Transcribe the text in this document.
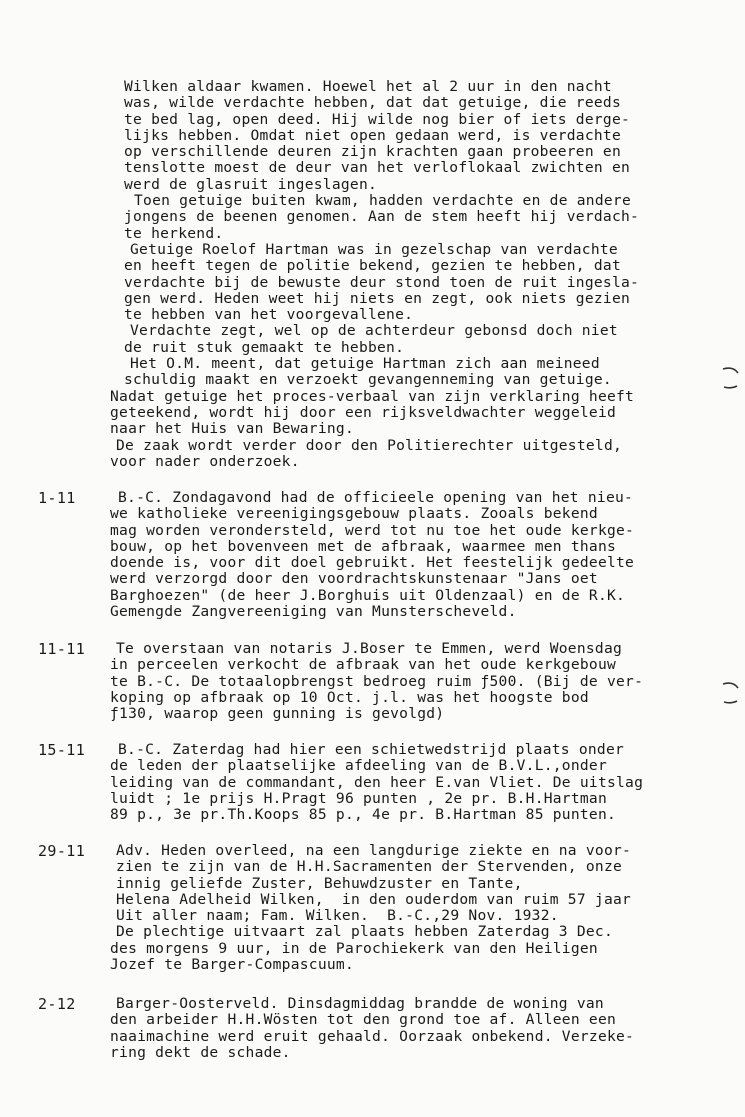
Wilken aldaar kwamen. Hoewel het al 2 uur in den nacht
was, wilde verdachte hebben, dat dat getuige, die reeds
te bed lag, open deed. Hij wilde nog bier of iets derge-
lijks hebben. Omdat niet open gedaan werd, is verdachte
op verschillende deuren zijn krachten gaan probeeren en
tenslotte moest de deur van het verloflokaal zwichten en
werd de glasruit ingeslagen.
Toen getuige buiten kwam, hadden verdachte en de andere
jongens de beenen genomen. Aan de stem heeft hij verdach-
te herkend.
Getuige Roelof Hartman was in gezelschap van verdachte
en heeft tegen de politie bekend, gezien te hebben, dat
verdachte bij de bewuste deur stond toen de ruit ingesla-
gen werd. Heden weet hij niets en zegt, ook niets gezien
te hebben van het voorgevallene.
Verdachte zegt, wel op de achterdeur gebonsd doch niet
de ruit stuk gemaakt te hebben.
Het O.M. meent, dat getuige Hartman zich aan meineed
schuldig maakt en verzoekt gevangenneming van getuige.
Nadat getuige het proces-verbaal van zijn verklaring heeft
geteekend, wordt hij door een rijksveldwachter weggeleid
naar het Huis van Bewaring.
De zaak wordt verder door den Politierechter uitgesteld,
voor nader onderzoek.
1-11	B.-C. Zondagavond had de officieele opening van het nieu-
we katholieke vereenigingsgebouw plaats. Zooals bekend
mag worden verondersteld, werd tot nu toe het oude kerkge-
bouw, op het bovenveen met de afbraak, waarmee men thans
doende is, voor dit doel gebruikt. Het feestelijk gedeelte
werd verzorgd door den voordrachtskunstenaar "Jans oet
Barghoezen" (de heer J.Borghuis uit Oldenzaal) en de R.K.
Gemengde Zangvereeniging van Munsterscheveld.
11-11	Te overstaan van notaris J.Boser te Emmen, werd Woensdag
in perceelen verkocht de afbraak van het oude kerkgebouw
te B.-C. De totaalopbrengst bedroeg ruim ƒ500. (Bij de ver-
koping op afbraak op 10 Oct. j.l. was het hoogste bod
ƒ130, waarop geen gunning is gevolgd)
15-11	B.-C. Zaterdag had hier een schietwedstrijd plaats onder
de leden der plaatselijke afdeeling van de B.V.L.,onder
leiding van de commandant, den heer E.van Vliet. De uitslag
luidt ; 1e prijs H.Pragt 96 punten , 2e pr. B.H.Hartman
89 p., 3e pr.Th.Koops 85 p., 4e pr. B.Hartman 85 punten.
29-11	Adv. Heden overleed, na een langdurige ziekte en na voor-
zien te zijn van de H.H.Sacramenten der Stervenden, onze
innig geliefde Zuster, Behuwdzuster en Tante,
Helena Adelheid Wilken,  in den ouderdom van ruim 57 jaar
Uit aller naam; Fam. Wilken.  B.-C.,29 Nov. 1932.
De plechtige uitvaart zal plaats hebben Zaterdag 3 Dec.
des morgens 9 uur, in de Parochiekerk van den Heiligen
Jozef te Barger-Compascuum.
2-12	Barger-Oosterveld. Dinsdagmiddag brandde de woning van
den arbeider H.H.Wösten tot den grond toe af. Alleen een
naaimachine werd eruit gehaald. Oorzaak onbekend. Verzeke-
ring dekt de schade.
